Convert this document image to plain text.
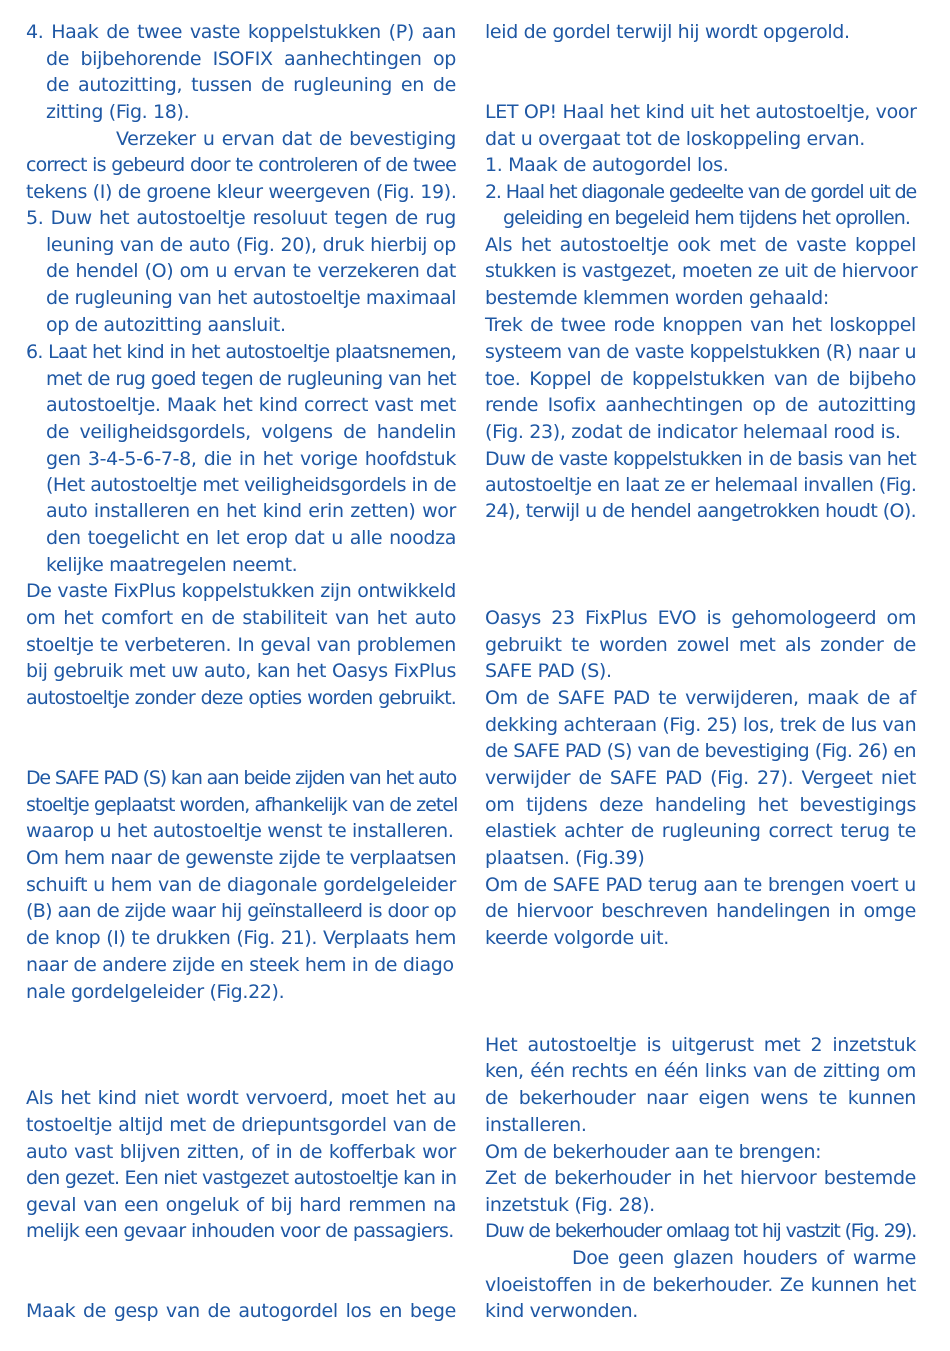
4. Haak de twee vaste koppelstukken (P) aan
de bijbehorende ISOFIX aanhechtingen op
de autozitting, tussen de rugleuning en de
zitting (Fig. 18).
Verzeker u ervan dat de bevestiging
correct is gebeurd door te controleren of de twee
tekens (I) de groene kleur weergeven (Fig. 19).
5. Duw het autostoeltje resoluut tegen de rug
leuning van de auto (Fig. 20), druk hierbij op
de hendel (O) om u ervan te verzekeren dat
de rugleuning van het autostoeltje maximaal
op de autozitting aansluit.
6. Laat het kind in het autostoeltje plaatsnemen,
met de rug goed tegen de rugleuning van het
autostoeltje. Maak het kind correct vast met
de veiligheidsgordels, volgens de handelin
gen 3-4-5-6-7-8, die in het vorige hoofdstuk
(Het autostoeltje met veiligheidsgordels in de
auto installeren en het kind erin zetten) wor
den toegelicht en let erop dat u alle noodza
kelijke maatregelen neemt.
De vaste FixPlus koppelstukken zijn ontwikkeld
om het comfort en de stabiliteit van het auto
stoeltje te verbeteren. In geval van problemen
bij gebruik met uw auto, kan het Oasys FixPlus
autostoeltje zonder deze opties worden gebruikt.
De SAFE PAD (S) kan aan beide zijden van het auto
stoeltje geplaatst worden, afhankelijk van de zetel
waarop u het autostoeltje wenst te installeren.
Om hem naar de gewenste zijde te verplaatsen
schuift u hem van de diagonale gordelgeleider
(B) aan de zijde waar hij geïnstalleerd is door op
de knop (I) te drukken (Fig. 21). Verplaats hem
naar de andere zijde en steek hem in de diago
nale gordelgeleider (Fig.22).
Als het kind niet wordt vervoerd, moet het au
tostoeltje altijd met de driepuntsgordel van de
auto vast blijven zitten, of in de kofferbak wor
den gezet. Een niet vastgezet autostoeltje kan in
geval van een ongeluk of bij hard remmen na
melijk een gevaar inhouden voor de passagiers.
Maak de gesp van de autogordel los en bege
leid de gordel terwijl hij wordt opgerold.
LET OP! Haal het kind uit het autostoeltje, voor
dat u overgaat tot de loskoppeling ervan.
1. Maak de autogordel los.
2. Haal het diagonale gedeelte van de gordel uit de
geleiding en begeleid hem tijdens het oprollen.
Als het autostoeltje ook met de vaste koppel
stukken is vastgezet, moeten ze uit de hiervoor
bestemde klemmen worden gehaald:
Trek de twee rode knoppen van het loskoppel
systeem van de vaste koppelstukken (R) naar u
toe. Koppel de koppelstukken van de bijbeho
rende Isofix aanhechtingen op de autozitting
(Fig. 23), zodat de indicator helemaal rood is.
Duw de vaste koppelstukken in de basis van het
autostoeltje en laat ze er helemaal invallen (Fig.
24), terwijl u de hendel aangetrokken houdt (O).
Oasys 23 FixPlus EVO is gehomologeerd om
gebruikt te worden zowel met als zonder de
SAFE PAD (S).
Om de SAFE PAD te verwijderen, maak de af
dekking achteraan (Fig. 25) los, trek de lus van
de SAFE PAD (S) van de bevestiging (Fig. 26) en
verwijder de SAFE PAD (Fig. 27). Vergeet niet
om tijdens deze handeling het bevestigings
elastiek achter de rugleuning correct terug te
plaatsen. (Fig.39)
Om de SAFE PAD terug aan te brengen voert u
de hiervoor beschreven handelingen in omge
keerde volgorde uit.
Het autostoeltje is uitgerust met 2 inzetstuk
ken, één rechts en één links van de zitting om
de bekerhouder naar eigen wens te kunnen
installeren.
Om de bekerhouder aan te brengen:
Zet de bekerhouder in het hiervoor bestemde
inzetstuk (Fig. 28).
Duw de bekerhouder omlaag tot hij vastzit (Fig. 29).
Doe geen glazen houders of warme
vloeistoffen in de bekerhouder. Ze kunnen het
kind verwonden.
